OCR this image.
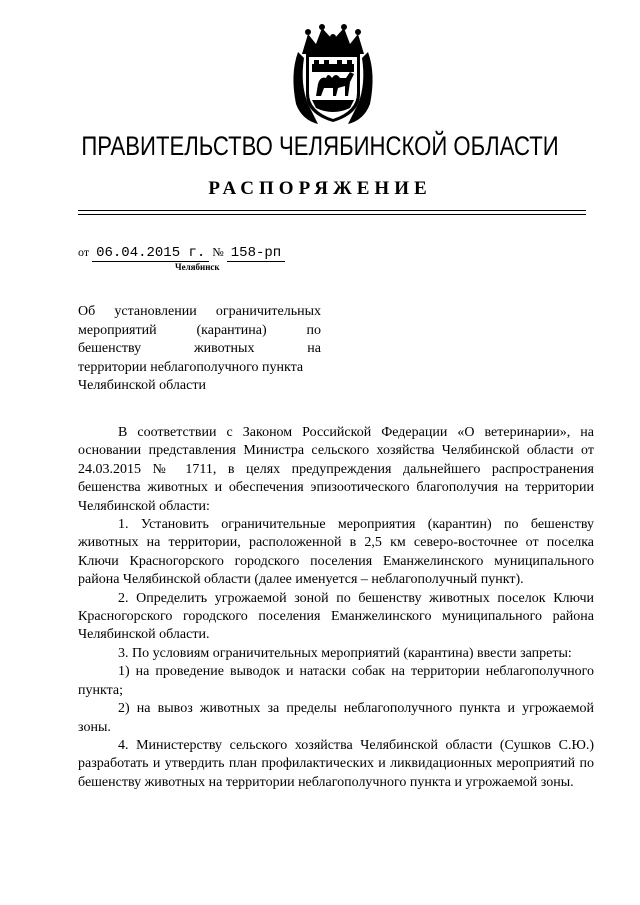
ПРАВИТЕЛЬСТВО ЧЕЛЯБИНСКОЙ ОБЛАСТИ
РАСПОРЯЖЕНИЕ
от 06.04.2015 г. № 158-рп
Челябинск
Об установлении ограничительных
мероприятий (карантина) по
бешенству животных на
территории неблагополучного пункта
Челябинской области

В соответствии с Законом Российской Федерации «О ветеринарии», на основании представления Министра сельского хозяйства Челябинской области от 24.03.2015 № 1711, в целях предупреждения дальнейшего распространения бешенства животных и обеспечения эпизоотического благополучия на территории Челябинской области:

1. Установить ограничительные мероприятия (карантин) по бешенству животных на территории, расположенной в 2,5 км северо-восточнее от поселка Ключи Красногорского городского поселения Еманжелинского муниципального района Челябинской области (далее именуется – неблагополучный пункт).

2. Определить угрожаемой зоной по бешенству животных поселок Ключи Красногорского городского поселения Еманжелинского муниципального района Челябинской области.

3. По условиям ограничительных мероприятий (карантина) ввести запреты:

1) на проведение выводок и натаски собак на территории неблагополучного пункта;

2) на вывоз животных за пределы неблагополучного пункта и угрожаемой зоны.

4. Министерству сельского хозяйства Челябинской области (Сушков С.Ю.) разработать и утвердить план профилактических и ликвидационных мероприятий по бешенству животных на территории неблагополучного пункта и угрожаемой зоны.
